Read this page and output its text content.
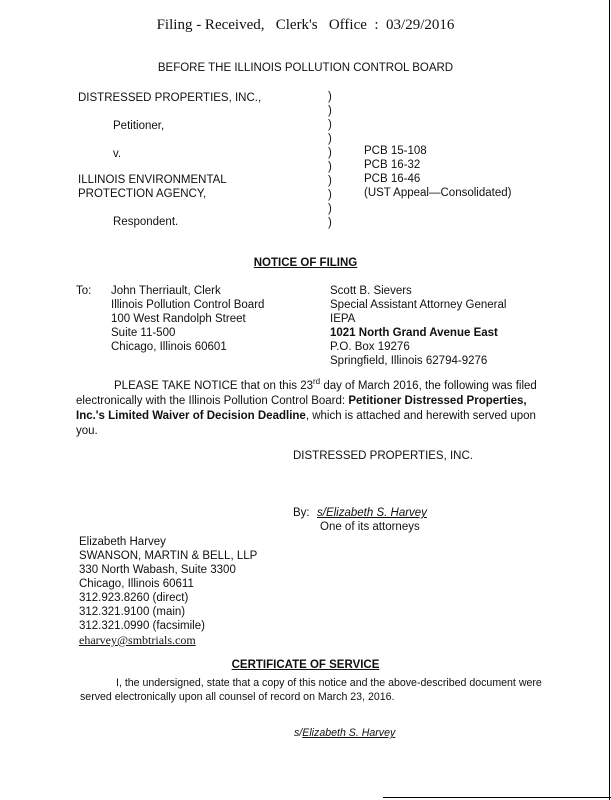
Filing - Received,   Clerk's   Office  :  03/29/2016
BEFORE THE ILLINOIS POLLUTION CONTROL BOARD
DISTRESSED PROPERTIES, INC.,
Petitioner,
v.
ILLINOIS ENVIRONMENTAL
PROTECTION AGENCY,
Respondent.
)
)
)
)
)
)
)
)
)
)
PCB 15-108
PCB 16-32
PCB 16-46
(UST Appeal—Consolidated)
NOTICE OF FILING
To: John Therriault, Clerk
Illinois Pollution Control Board
100 West Randolph Street
Suite 11-500
Chicago, Illinois 60601
Scott B. Sievers
Special Assistant Attorney General
IEPA
1021 North Grand Avenue East
P.O. Box 19276
Springfield, Illinois 62794-9276
PLEASE TAKE NOTICE that on this 23rd day of March 2016, the following was filed electronically with the Illinois Pollution Control Board: Petitioner Distressed Properties, Inc.'s Limited Waiver of Decision Deadline, which is attached and herewith served upon you.
DISTRESSED PROPERTIES, INC.
By: s/Elizabeth S. Harvey
One of its attorneys
Elizabeth Harvey
SWANSON, MARTIN & BELL, LLP
330 North Wabash, Suite 3300
Chicago, Illinois 60611
312.923.8260 (direct)
312.321.9100 (main)
312.321.0990 (facsimile)
eharvey@smbtrials.com
CERTIFICATE OF SERVICE
I, the undersigned, state that a copy of this notice and the above-described document were served electronically upon all counsel of record on March 23, 2016.
s/Elizabeth S. Harvey
